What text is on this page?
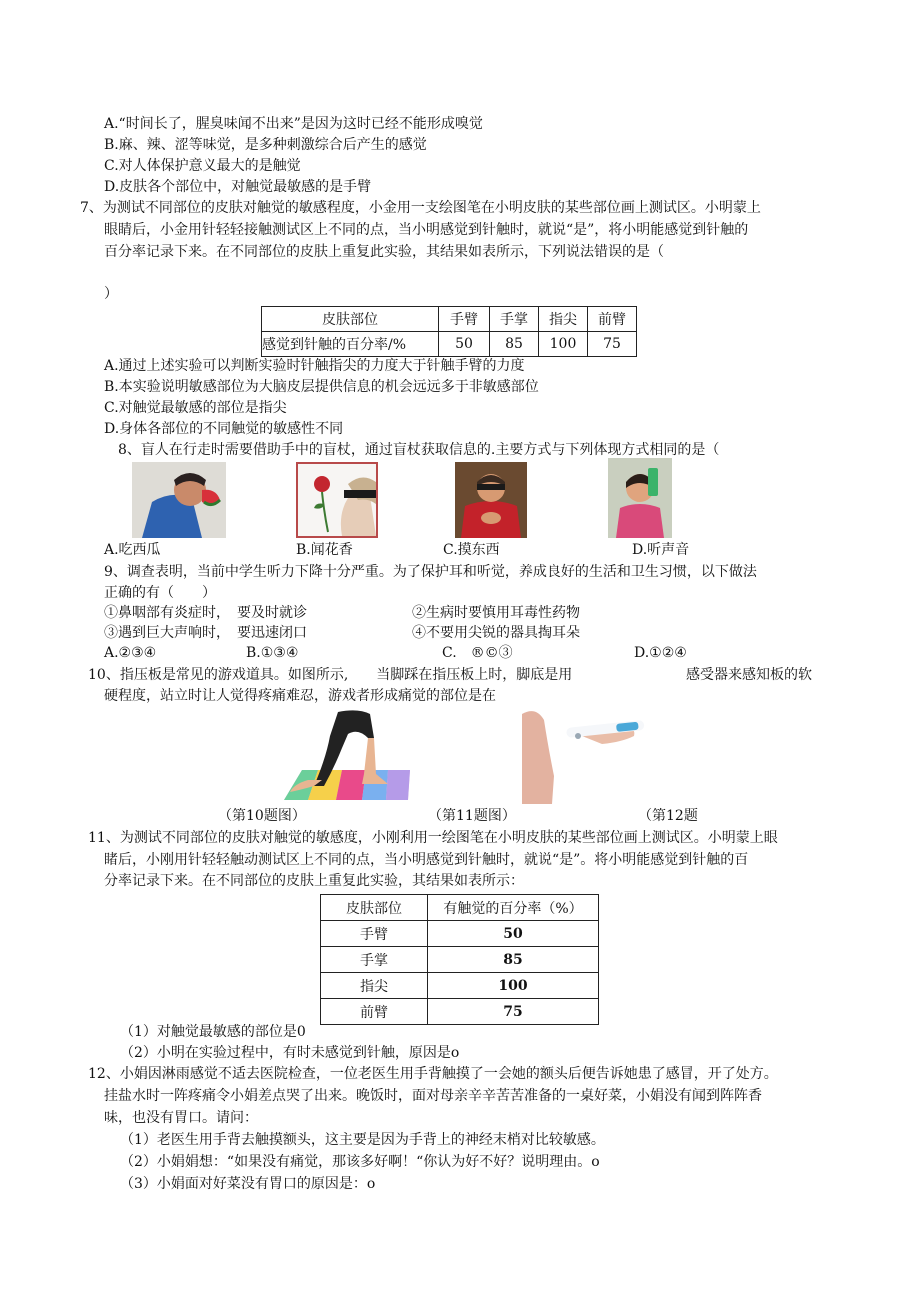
A.“时间长了，腥臭味闻不出来”是因为这时已经不能形成嗅觉
B.麻、辣、涩等味觉，是多种刺激综合后产生的感觉
C.对人体保护意义最大的是触觉
D.皮肤各个部位中，对触觉最敏感的是手臂
7、为测试不同部位的皮肤对触觉的敏感程度，小金用一支绘图笔在小明皮肤的某些部位画上测试区。小明蒙上
眼睛后，小金用针轻轻接触测试区上不同的点，当小明感觉到针触时，就说“是”，将小明能感觉到针触的
百分率记录下来。在不同部位的皮肤上重复此实验，其结果如表所示，下列说法错误的是（
）
皮肤部位	手臂	手掌	指尖	前臂
感觉到针触的百分率/%	50	85	100	75
A.通过上述实验可以判断实验时针触指尖的力度大于针触手臂的力度
B.本实验说明敏感部位为大脑皮层提供信息的机会远远多于非敏感部位
C.对触觉最敏感的部位是指尖
D.身体各部位的不同触觉的敏感性不同
8、盲人在行走时需要借助手中的盲杖，通过盲杖获取信息的.主要方式与下列体现方式相同的是（
A.吃西瓜	B.闻花香	C.摸东西	D.听声音
9、调查表明，当前中学生听力下降十分严重。为了保护耳和听觉，养成良好的生活和卫生习惯，以下做法
正确的有（　　）
①鼻咽部有炎症时，　要及时就诊	②生病时要慎用耳毒性药物
③遇到巨大声响时，　要迅速闭口	④不要用尖锐的器具掏耳朵
A.②③④	B.①③④	C.　®©③	D.①②④
10、指压板是常见的游戏道具。如图所示,　　当脚踩在指压板上时，脚底是用	感受器来感知板的软
硬程度，站立时让人觉得疼痛难忍，游戏者形成痛觉的部位是在
（第10题图）	（第11题图）	（第12题
11、为测试不同部位的皮肤对触觉的敏感度，小刚利用一绘图笔在小明皮肤的某些部位画上测试区。小明蒙上眼
睹后，小刚用针轻轻触动测试区上不同的点，当小明感觉到针触时，就说“是”。将小明能感觉到针触的百
分率记录下来。在不同部位的皮肤上重复此实验，其结果如表所示：
皮肤部位	有触觉的百分率（%）
手臂	50
手掌	85
指尖	100
前臂	75
（1）对触觉最敏感的部位是0
（2）小明在实验过程中，有时未感觉到针触，原因是o
12、小娟因淋雨感觉不适去医院检查，一位老医生用手背触摸了一会她的额头后便告诉她患了感冒，开了处方。
挂盐水时一阵疼痛令小娟差点哭了出来。晚饭时，面对母亲辛辛苦苦准备的一桌好菜，小娟没有闻到阵阵香
味，也没有胃口。请问：
（1）老医生用手背去触摸额头，这主要是因为手背上的神经末梢对比较敏感。
（2）小娟娟想：“如果没有痛觉，那该多好啊！“你认为好不好？说明理由。o
（3）小娟面对好菜没有胃口的原因是：o
